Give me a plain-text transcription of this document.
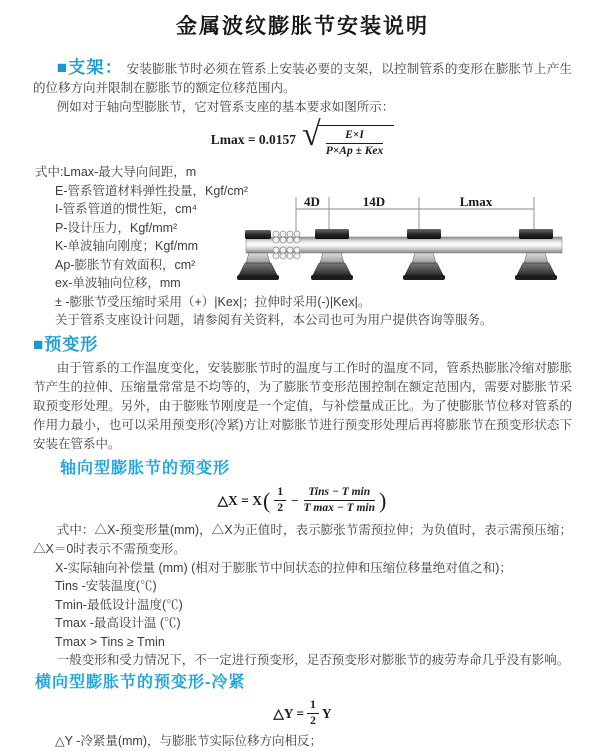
金属波纹膨胀节安装说明

■支架： 安装膨胀节时必须在管系上安装必要的支架，以控制管系的变形在膨胀节上产生的位移方向并限制在膨胀节的额定位移范围内。

例如对于轴向型膨胀节，它对管系支座的基本要求如图所示：

Lmax = 0.0157 √ $\frac{E\times I}{\text{P×Ap ± Kex}}$
式中:Lmax-最大导向间距，m
E-管系管道材料弹性投量，Kgf/cm²
I-管系管道的惯性矩，cm⁴
P-设计压力，Kgf/mm²
K-单波轴向刚度；Kgf/mm
Ap-膨胀节有效面积，cm²
ex-单波轴向位移，mm
± -膨胀节受压缩时采用（+）|Kex|；拉伸时采用(-)|Kex|。
关于管系支座设计问题，请参阅有关资料，本公司也可为用户提供咨询等服务。
4D	14D	Lmax
■预变形

由于管系的工作温度变化，安装膨胀节时的温度与工作时的温度不同，管系热膨胀冷缩对膨胀节产生的拉伸、压缩量常常是不均等的，为了膨胀节变形范围控制在额定范围内，需要对膨胀节采取预变形处理。另外，由于膨账节刚度是一个定值，与补偿量成正比。为了使膨胀节位移对管系的作用力最小，也可以采用预变形(冷紧)方让对膨胀节进行预变形处理后再将膨胀节在预变形状态下安装在管系中。

轴向型膨胀节的预变形
△X = X ( $\frac{1}{2} - \frac{\text{Tins − T min}}{\text{T max − T min}}$ )

式中：△X-预变形量(mm)，△X为正值时，表示膨张节需预拉伸；为负值时，表示需预压缩；△X＝0时表示不需预变形。

X-实际轴向补偿量 (mm) (相对于膨胀节中间状态的拉伸和压缩位移量绝对值之和)；
Tins -安装温度(℃)
Tmin-最低设计温度(℃)
Tmax -最高设计温 (℃)
Tmax > Tins ≥ Tmin

一般变形和受力情况下，不一定进行预变形，足否预变形对膨胀节的疲劳寿命几乎没有影响。

横向型膨胀节的预变形-冷紧
△Y = $\frac{1}{2}$ Y
△Y -冷紧量(mm)，与膨胀节实际位移方向相反；
